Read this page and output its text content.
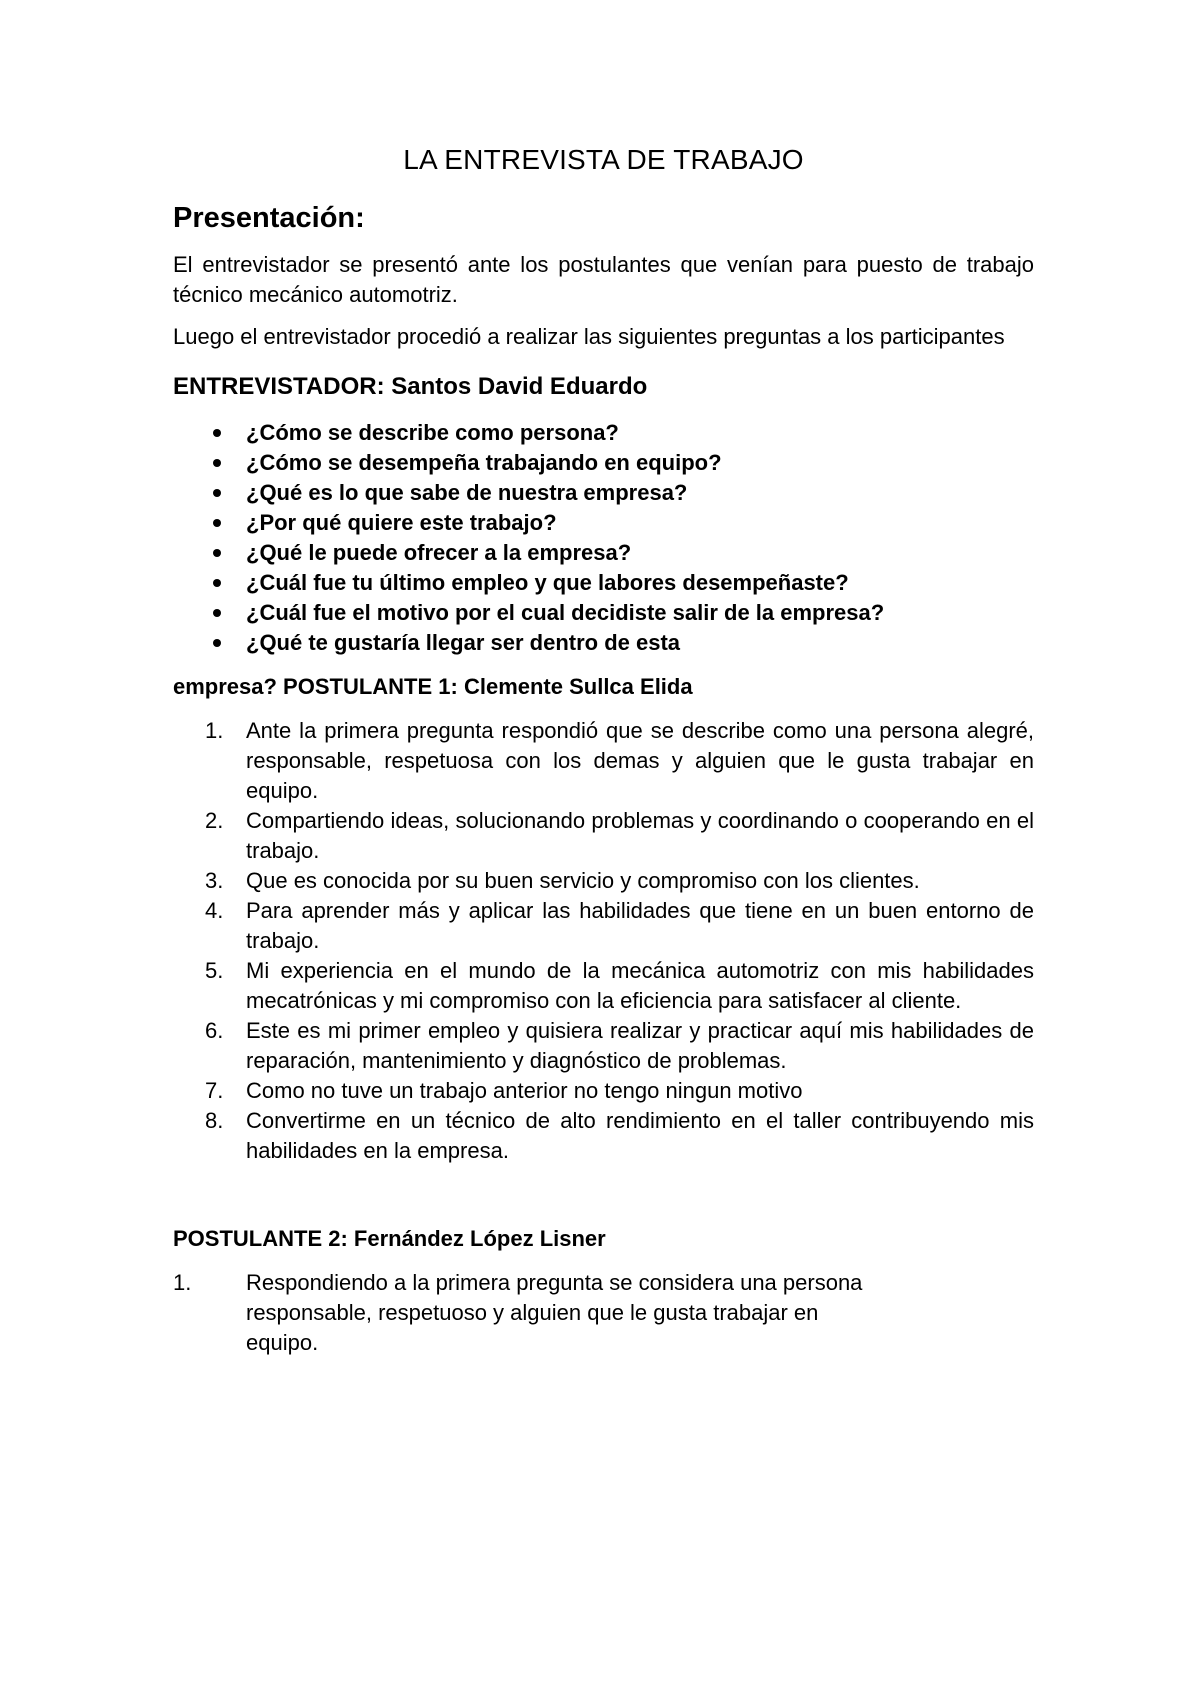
LA ENTREVISTA DE TRABAJO
Presentación:

El entrevistador se presentó ante los postulantes que venían para puesto de trabajo técnico mecánico automotriz.

Luego el entrevistador procedió a realizar las siguientes preguntas a los participantes

ENTREVISTADOR: Santos David Eduardo
¿Cómo se describe como persona?
¿Cómo se desempeña trabajando en equipo?
¿Qué es lo que sabe de nuestra empresa?
¿Por qué quiere este trabajo?
¿Qué le puede ofrecer a la empresa?
¿Cuál fue tu último empleo y que labores desempeñaste?
¿Cuál fue el motivo por el cual decidiste salir de la empresa?
¿Qué te gustaría llegar ser dentro de esta
empresa? POSTULANTE 1: Clemente Sullca Elida
1. Ante la primera pregunta respondió que se describe como una persona alegré, responsable, respetuosa con los demas y alguien que le gusta trabajar en equipo.
2. Compartiendo ideas, solucionando problemas y coordinando o cooperando en el trabajo.
3. Que es conocida por su buen servicio y compromiso con los clientes.
4. Para aprender más y aplicar las habilidades que tiene en un buen entorno de trabajo.
5. Mi experiencia en el mundo de la mecánica automotriz con mis habilidades mecatrónicas y mi compromiso con la eficiencia para satisfacer al cliente.
6. Este es mi primer empleo y quisiera realizar y practicar aquí mis habilidades de reparación, mantenimiento y diagnóstico de problemas.
7. Como no tuve un trabajo anterior no tengo ningun motivo
8. Convertirme en un técnico de alto rendimiento en el taller contribuyendo mis habilidades en la empresa.
POSTULANTE 2: Fernández López Lisner
1. Respondiendo a la primera pregunta se considera una persona responsable, respetuoso y alguien que le gusta trabajar en equipo.
